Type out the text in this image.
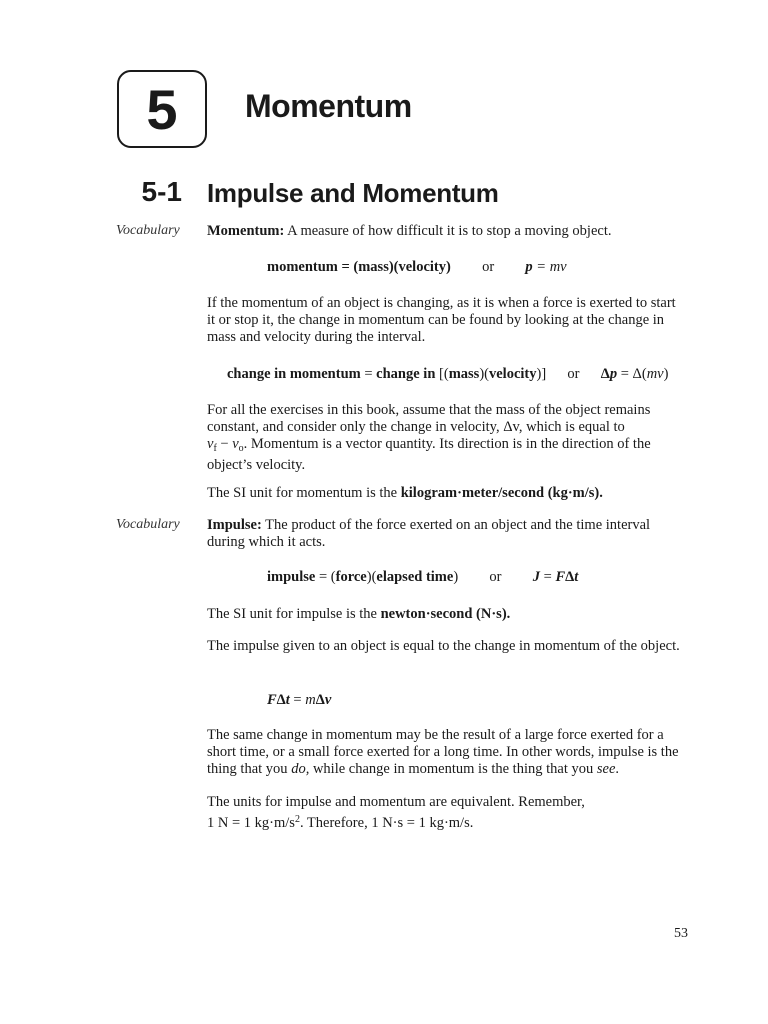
5 Momentum
5-1 Impulse and Momentum
Vocabulary Momentum: A measure of how difficult it is to stop a moving object.
momentum = (mass)(velocity) or p = mv
If the momentum of an object is changing, as it is when a force is exerted to start it or stop it, the change in momentum can be found by looking at the change in mass and velocity during the interval.
change in momentum = change in [(mass)(velocity)] or Δp = Δ(mv)
For all the exercises in this book, assume that the mass of the object remains
constant, and consider only the change in velocity, Δv, which is equal to
$v_f - v_o$. Momentum is a vector quantity. Its direction is in the direction of the
object’s velocity.
The SI unit for momentum is the kilogram·meter/second (kg·m/s).
Vocabulary Impulse: The product of the force exerted on an object and the time interval during which it acts.
impulse = (force)(elapsed time) or J = FΔt
The SI unit for impulse is the newton·second (N·s).
The impulse given to an object is equal to the change in momentum of the object.
FΔt = mΔv
The same change in momentum may be the result of a large force exerted for a short time, or a small force exerted for a long time. In other words, impulse is the thing that you do, while change in momentum is the thing that you see.
The units for impulse and momentum are equivalent. Remember,
1 N = 1 $kg\cdot m/s^2$. Therefore, 1 N·s = 1 kg·m/s.
53
